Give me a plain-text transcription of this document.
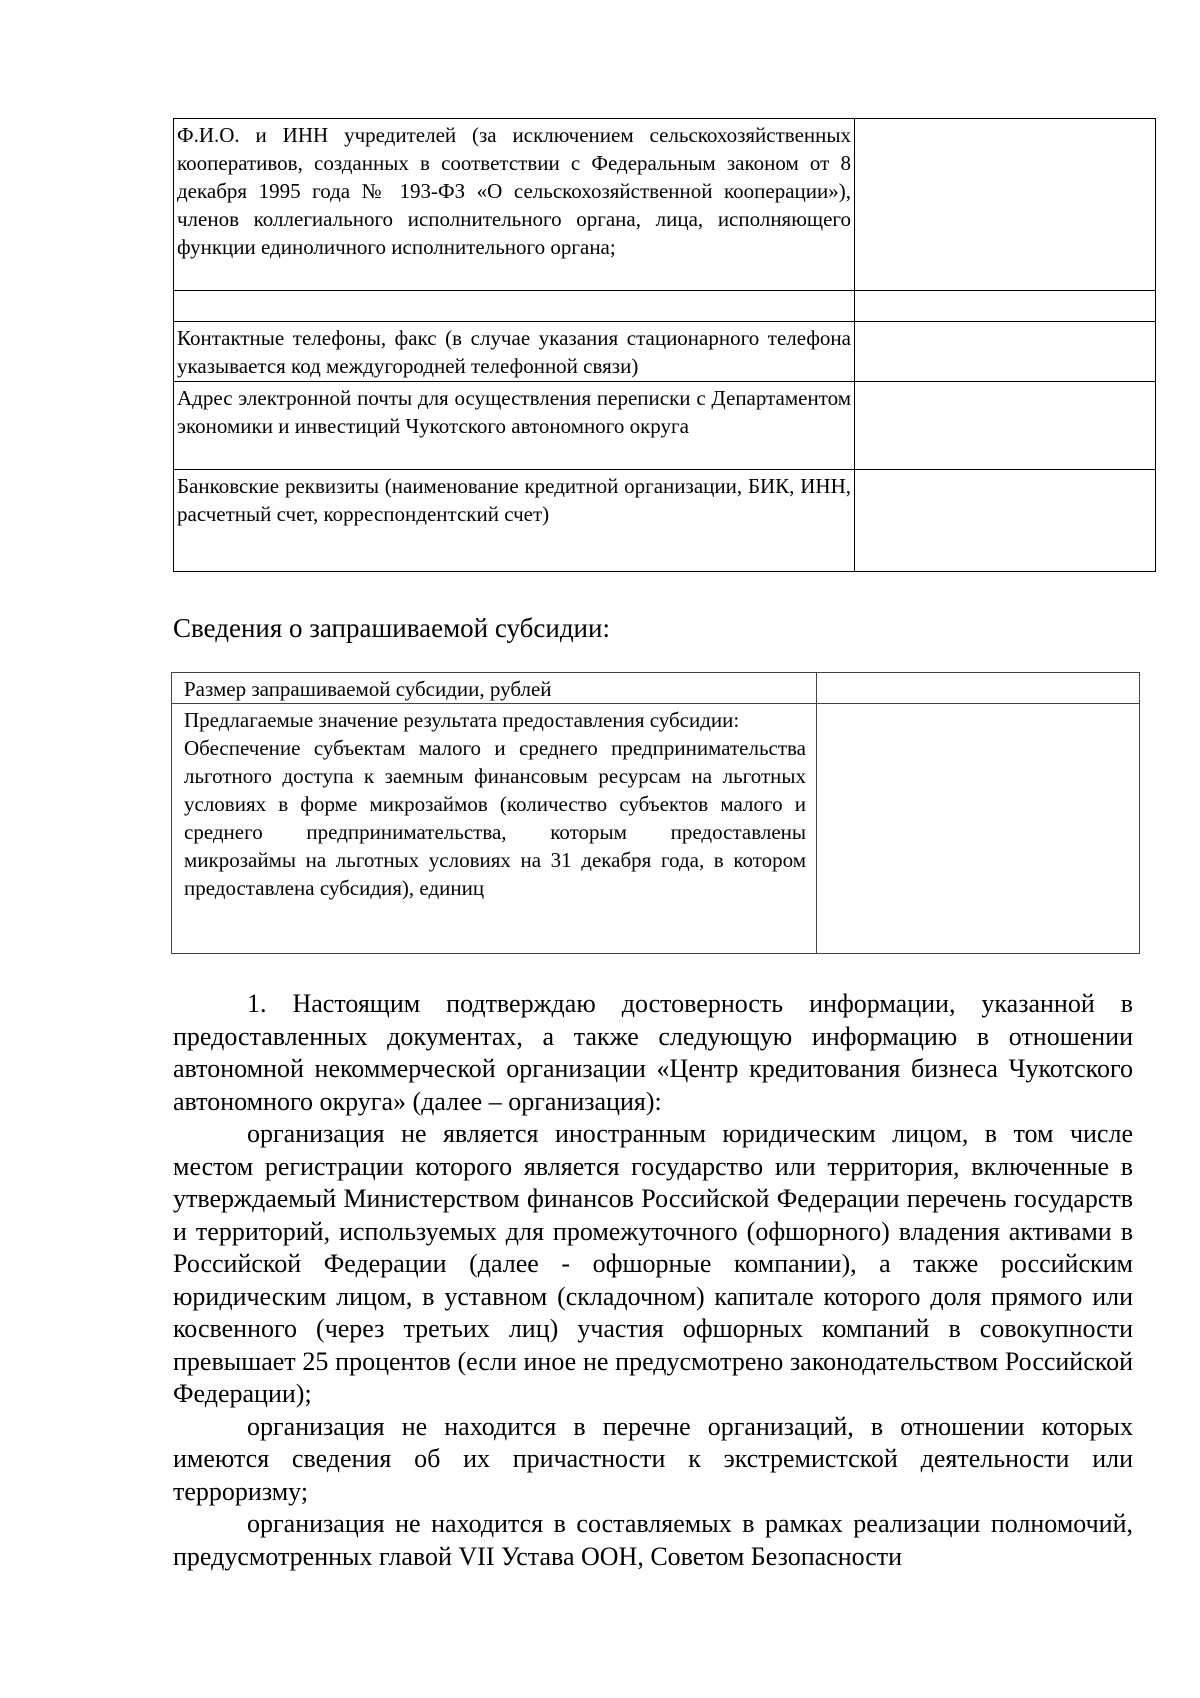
Ф.И.О. и ИНН учредителей (за исключением сельскохозяйственных кооперативов, созданных в соответствии с Федеральным законом от 8 декабря 1995 года № 193-ФЗ «О сельскохозяйственной кооперации»), членов коллегиального исполнительного органа, лица, исполняющего функции единоличного исполнительного органа;	

Контактные телефоны, факс (в случае указания стационарного телефона указывается код междугородней телефонной связи)	
Адрес электронной почты для осуществления переписки с Департаментом экономики и инвестиций Чукотского автономного округа	
Банковские реквизиты (наименование кредитной организации, БИК, ИНН, расчетный счет, корреспондентский счет)	
Сведения о запрашиваемой субсидии:
Размер запрашиваемой субсидии, рублей	

Предлагаемые значение результата предоставления субсидии:
Обеспечение субъектам малого и среднего предпринимательства льготного доступа к заемным финансовым ресурсам на льготных условиях в форме микрозаймов (количество субъектов малого и среднего предпринимательства, которым предоставлены микрозаймы на льготных условиях на 31 декабря года, в котором предоставлена субсидия), единиц	

1. Настоящим подтверждаю достоверность информации, указанной в предоставленных документах, а также следующую информацию в отношении автономной некоммерческой организации «Центр кредитования бизнеса Чукотского автономного округа» (далее – организация):

организация не является иностранным юридическим лицом, в том числе местом регистрации которого является государство или территория, включенные в утверждаемый Министерством финансов Российской Федерации перечень государств и территорий, используемых для промежуточного (офшорного) владения активами в Российской Федерации (далее - офшорные компании), а также российским юридическим лицом, в уставном (складочном) капитале которого доля прямого или косвенного (через третьих лиц) участия офшорных компаний в совокупности превышает 25 процентов (если иное не предусмотрено законодательством Российской Федерации);

организация не находится в перечне организаций, в отношении которых имеются сведения об их причастности к экстремистской деятельности или терроризму;

организация не находится в составляемых в рамках реализации полномочий, предусмотренных главой VII Устава ООН, Советом Безопасности
